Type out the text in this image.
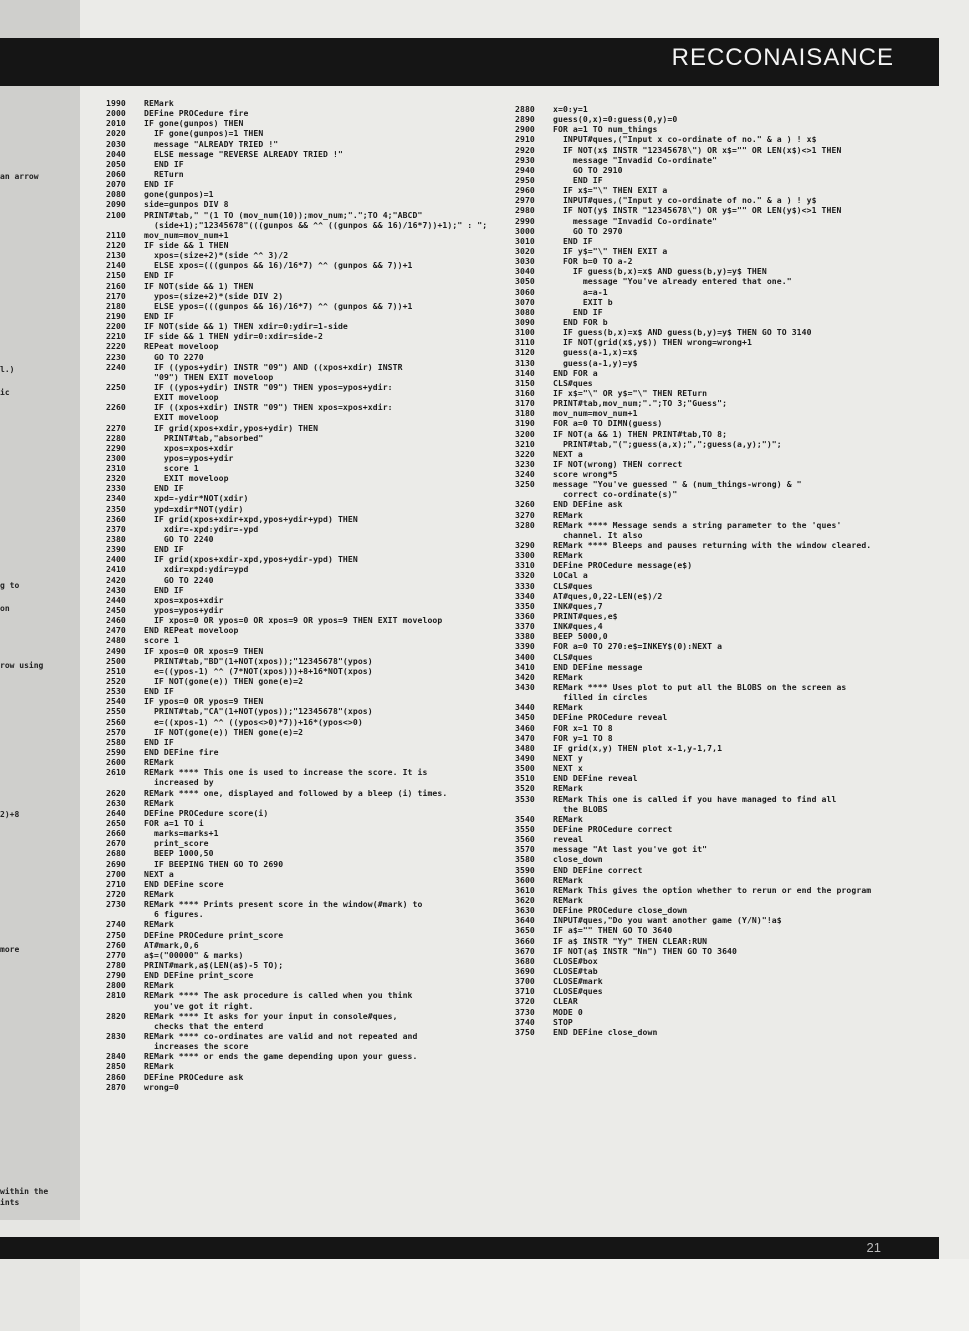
an arrow
l.)
ic
g to
on
row using
2)+8
more
within the
ints
RECCONAISANCE
1990 REMark
2000 DEFine PROCedure fire
2010 IF gone(gunpos) THEN
2020  IF gone(gunpos)=1 THEN
2030  message "ALREADY TRIED !"
2040  ELSE message "REVERSE ALREADY TRIED !"
2050  END IF
2060  RETurn
2070 END IF
2080 gone(gunpos)=1
2090 side=gunpos DIV 8
2100 PRINT#tab," "(1 TO (mov_num(10));mov_num;".";TO 4;"ABCD"
(side+1);"12345678"(((gunpos && ^^ ((gunpos && 16)/16*7))+1);" : ";
2110 mov_num=mov_num+1
2120 IF side && 1 THEN
2130  xpos=(size+2)*(side ^^ 3)/2
2140  ELSE xpos=(((gunpos && 16)/16*7) ^^ (gunpos && 7))+1
2150 END IF
2160 IF NOT(side && 1) THEN
2170  ypos=(size+2)*(side DIV 2)
2180  ELSE ypos=(((gunpos && 16)/16*7) ^^ (gunpos && 7))+1
2190 END IF
2200 IF NOT(side && 1) THEN xdir=0:ydir=1-side
2210 IF side && 1 THEN ydir=0:xdir=side-2
2220 REPeat moveloop
2230  GO TO 2270
2240  IF ((ypos+ydir) INSTR "09") AND ((xpos+xdir) INSTR
"09") THEN EXIT moveloop
2250  IF ((ypos+ydir) INSTR "09") THEN ypos=ypos+ydir:
EXIT moveloop
2260  IF ((xpos+xdir) INSTR "09") THEN xpos=xpos+xdir:
EXIT moveloop
2270  IF grid(xpos+xdir,ypos+ydir) THEN
2280    PRINT#tab,"absorbed"
2290    xpos=xpos+xdir
2300    ypos=ypos+ydir
2310    score 1
2320    EXIT moveloop
2330  END IF
2340  xpd=-ydir*NOT(xdir)
2350  ypd=xdir*NOT(ydir)
2360  IF grid(xpos+xdir+xpd,ypos+ydir+ypd) THEN
2370    xdir=-xpd:ydir=-ypd
2380    GO TO 2240
2390  END IF
2400  IF grid(xpos+xdir-xpd,ypos+ydir-ypd) THEN
2410    xdir=xpd:ydir=ypd
2420    GO TO 2240
2430  END IF
2440  xpos=xpos+xdir
2450  ypos=ypos+ydir
2460  IF xpos=0 OR ypos=0 OR xpos=9 OR ypos=9 THEN EXIT moveloop
2470 END REPeat moveloop
2480 score 1
2490 IF xpos=0 OR xpos=9 THEN
2500  PRINT#tab,"BD"(1+NOT(xpos));"12345678"(ypos)
2510  e=((ypos-1) ^^ (7*NOT(xpos)))+8+16*NOT(xpos)
2520  IF NOT(gone(e)) THEN gone(e)=2
2530 END IF
2540 IF ypos=0 OR ypos=9 THEN
2550  PRINT#tab,"CA"(1+NOT(ypos));"12345678"(xpos)
2560  e=((xpos-1) ^^ ((ypos<>0)*7))+16*(ypos<>0)
2570  IF NOT(gone(e)) THEN gone(e)=2
2580 END IF
2590 END DEFine fire
2600 REMark
2610 REMark **** This one is used to increase the score. It is
increased by
2620 REMark **** one, displayed and followed by a bleep (i) times.
2630 REMark
2640 DEFine PROCedure score(i)
2650 FOR a=1 TO i
2660  marks=marks+1
2670  print_score
2680  BEEP 1000,50
2690  IF BEEPING THEN GO TO 2690
2700 NEXT a
2710 END DEFine score
2720 REMark
2730 REMark **** Prints present score in the window(#mark) to
6 figures.
2740 REMark
2750 DEFine PROCedure print_score
2760 AT#mark,0,6
2770 a$=("00000" & marks)
2780 PRINT#mark,a$(LEN(a$)-5 TO);
2790 END DEFine print_score
2800 REMark
2810 REMark **** The ask procedure is called when you think
you've got it right.
2820 REMark **** It asks for your input in console#ques,
checks that the enterd
2830 REMark **** co-ordinates are valid and not repeated and
increases the score
2840 REMark **** or ends the game depending upon your guess.
2850 REMark
2860 DEFine PROCedure ask
2870 wrong=0
2880 x=0:y=1
2890 guess(0,x)=0:guess(0,y)=0
2900 FOR a=1 TO num_things
2910  INPUT#ques,("Input x co-ordinate of no." & a ) ! x$
2920  IF NOT(x$ INSTR "12345678\") OR x$="" OR LEN(x$)<>1 THEN
2930    message "Invadid Co-ordinate"
2940    GO TO 2910
2950    END IF
2960  IF x$="\" THEN EXIT a
2970  INPUT#ques,("Input y co-ordinate of no." & a ) ! y$
2980  IF NOT(y$ INSTR "12345678\") OR y$="" OR LEN(y$)<>1 THEN
2990    message "Invadid Co-ordinate"
3000    GO TO 2970
3010  END IF
3020  IF y$="\" THEN EXIT a
3030  FOR b=0 TO a-2
3040    IF guess(b,x)=x$ AND guess(b,y)=y$ THEN
3050      message "You've already entered that one."
3060      a=a-1
3070      EXIT b
3080    END IF
3090  END FOR b
3100  IF guess(b,x)=x$ AND guess(b,y)=y$ THEN GO TO 3140
3110  IF NOT(grid(x$,y$)) THEN wrong=wrong+1
3120  guess(a-1,x)=x$
3130  guess(a-1,y)=y$
3140 END FOR a
3150 CLS#ques
3160 IF x$="\" OR y$="\" THEN RETurn
3170 PRINT#tab,mov_num;".";TO 3;"Guess";
3180 mov_num=mov_num+1
3190 FOR a=0 TO DIMN(guess)
3200 IF NOT(a && 1) THEN PRINT#tab,TO 8;
3210  PRINT#tab,"(";guess(a,x);",";guess(a,y);")";
3220 NEXT a
3230 IF NOT(wrong) THEN correct
3240 score wrong*5
3250 message "You've guessed " & (num_things-wrong) & "
correct co-ordinate(s)"
3260 END DEFine ask
3270 REMark
3280 REMark **** Message sends a string parameter to the 'ques'
channel. It also
3290 REMark **** Bleeps and pauses returning with the window cleared.
3300 REMark
3310 DEFine PROCedure message(e$)
3320 LOCal a
3330 CLS#ques
3340 AT#ques,0,22-LEN(e$)/2
3350 INK#ques,7
3360 PRINT#ques,e$
3370 INK#ques,4
3380 BEEP 5000,0
3390 FOR a=0 TO 270:e$=INKEY$(0):NEXT a
3400 CLS#ques
3410 END DEFine message
3420 REMark
3430 REMark **** Uses plot to put all the BLOBS on the screen as
filled in circles
3440 REMark
3450 DEFine PROCedure reveal
3460 FOR x=1 TO 8
3470 FOR y=1 TO 8
3480 IF grid(x,y) THEN plot x-1,y-1,7,1
3490 NEXT y
3500 NEXT x
3510 END DEFine reveal
3520 REMark
3530 REMark This one is called if you have managed to find all
the BLOBS
3540 REMark
3550 DEFine PROCedure correct
3560 reveal
3570 message "At last you've got it"
3580 close_down
3590 END DEFine correct
3600 REMark
3610 REMark This gives the option whether to rerun or end the program
3620 REMark
3630 DEFine PROCedure close_down
3640 INPUT#ques,"Do you want another game (Y/N)"!a$
3650 IF a$="" THEN GO TO 3640
3660 IF a$ INSTR "Yy" THEN CLEAR:RUN
3670 IF NOT(a$ INSTR "Nn") THEN GO TO 3640
3680 CLOSE#box
3690 CLOSE#tab
3700 CLOSE#mark
3710 CLOSE#ques
3720 CLEAR
3730 MODE 0
3740 STOP
3750 END DEFine close_down
21
